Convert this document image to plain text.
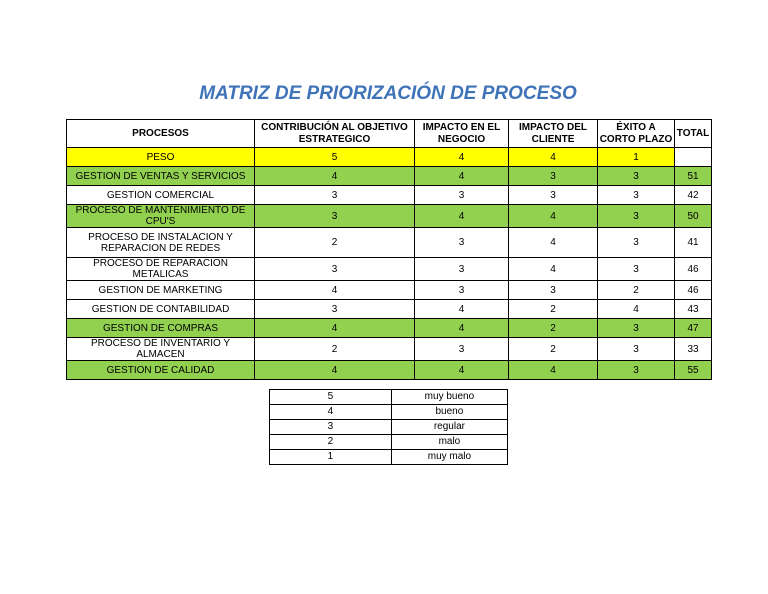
MATRIZ DE PRIORIZACIÓN DE PROCESO
PROCESOS	CONTRIBUCIÓN AL OBJETIVO ESTRATEGICO	IMPACTO EN EL NEGOCIO	IMPACTO DEL CLIENTE	ÉXITO A CORTO PLAZO	TOTAL
PESO	5	4	4	1	
GESTION DE VENTAS Y SERVICIOS	4	4	3	3	51
GESTION COMERCIAL	3	3	3	3	42
PROCESO DE MANTENIMIENTO DE CPU'S	3	4	4	3	50
PROCESO DE INSTALACION Y REPARACION DE REDES	2	3	4	3	41
PROCESO DE REPARACION METALICAS	3	3	4	3	46
GESTION DE MARKETING	4	3	3	2	46
GESTION DE CONTABILIDAD	3	4	2	4	43
GESTION DE COMPRAS	4	4	2	3	47
PROCESO DE INVENTARIO Y ALMACEN	2	3	2	3	33
GESTION DE CALIDAD	4	4	4	3	55
5	muy bueno
4	bueno
3	regular
2	malo
1	muy malo
